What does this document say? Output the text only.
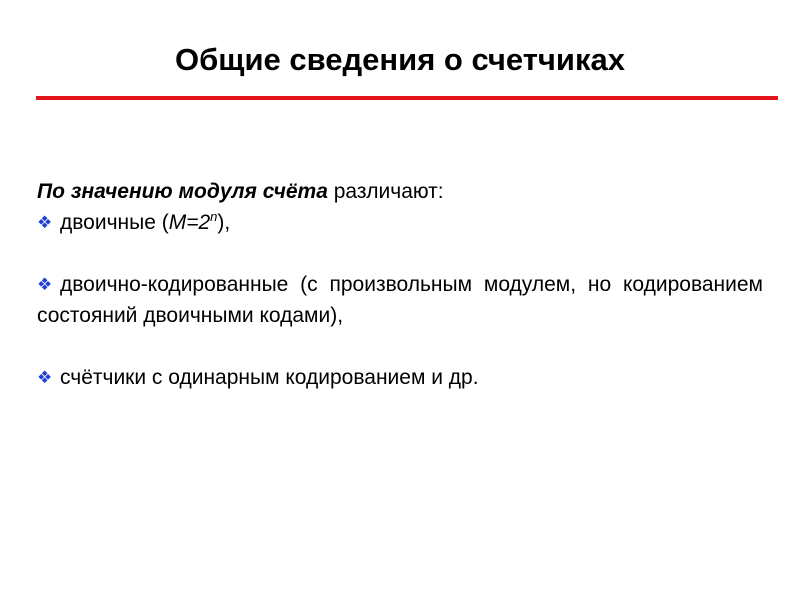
Общие сведения о счетчиках

По значению модуля счёта различают:

❖ двоичные $(M=2^n)$,

❖ двоично-кодированные (с произвольным модулем, но кодированием состояний двоичными кодами),

❖ счётчики с одинарным кодированием и др.
